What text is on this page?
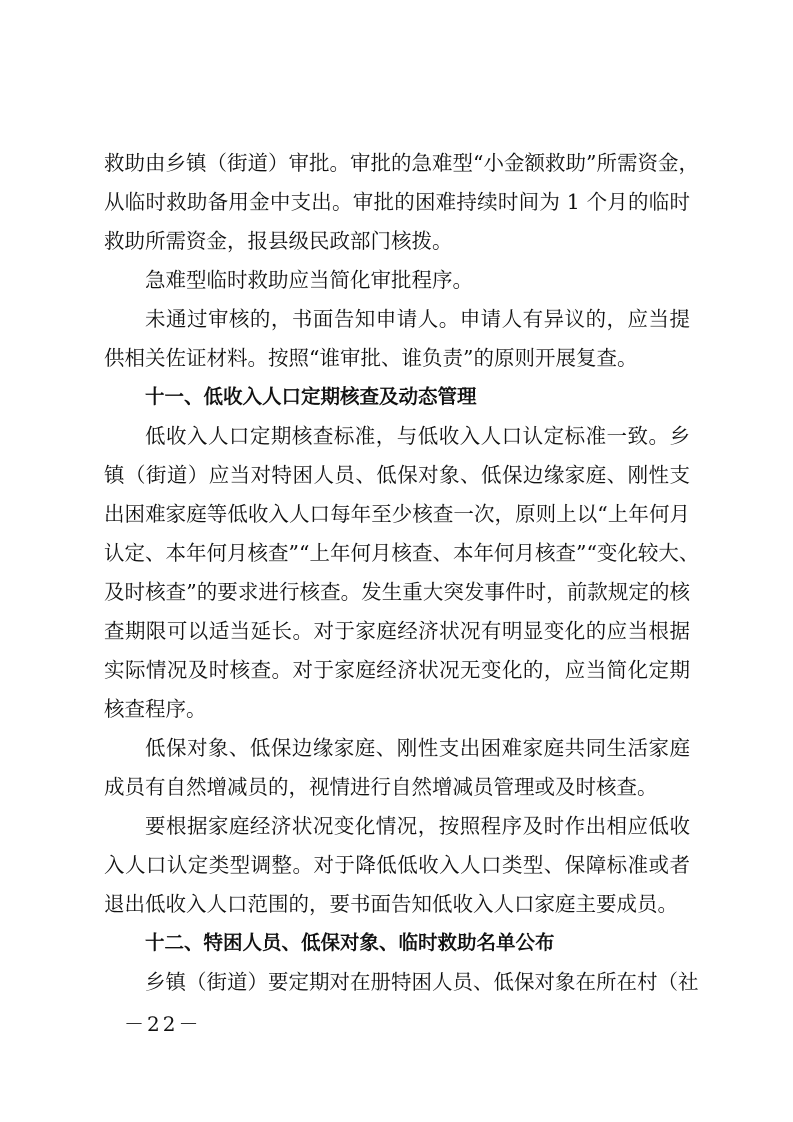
救助由乡镇（街道）审批。审批的急难型“小金额救助”所需资金，
从临时救助备用金中支出。审批的困难持续时间为 1 个月的临时
救助所需资金，报县级民政部门核拨。
急难型临时救助应当简化审批程序。
未通过审核的，书面告知申请人。申请人有异议的，应当提
供相关佐证材料。按照“谁审批、谁负责”的原则开展复查。
十一、低收入人口定期核查及动态管理
低收入人口定期核查标准，与低收入人口认定标准一致。乡
镇（街道）应当对特困人员、低保对象、低保边缘家庭、刚性支
出困难家庭等低收入人口每年至少核查一次，原则上以“上年何月
认定、本年何月核查”“上年何月核查、本年何月核查”“变化较大、
及时核查”的要求进行核查。发生重大突发事件时，前款规定的核
查期限可以适当延长。对于家庭经济状况有明显变化的应当根据
实际情况及时核查。对于家庭经济状况无变化的，应当简化定期
核查程序。
低保对象、低保边缘家庭、刚性支出困难家庭共同生活家庭
成员有自然增减员的，视情进行自然增减员管理或及时核查。
要根据家庭经济状况变化情况，按照程序及时作出相应低收
入人口认定类型调整。对于降低低收入人口类型、保障标准或者
退出低收入人口范围的，要书面告知低收入人口家庭主要成员。
十二、特困人员、低保对象、临时救助名单公布
乡镇（街道）要定期对在册特困人员、低保对象在所在村（社
－22－
